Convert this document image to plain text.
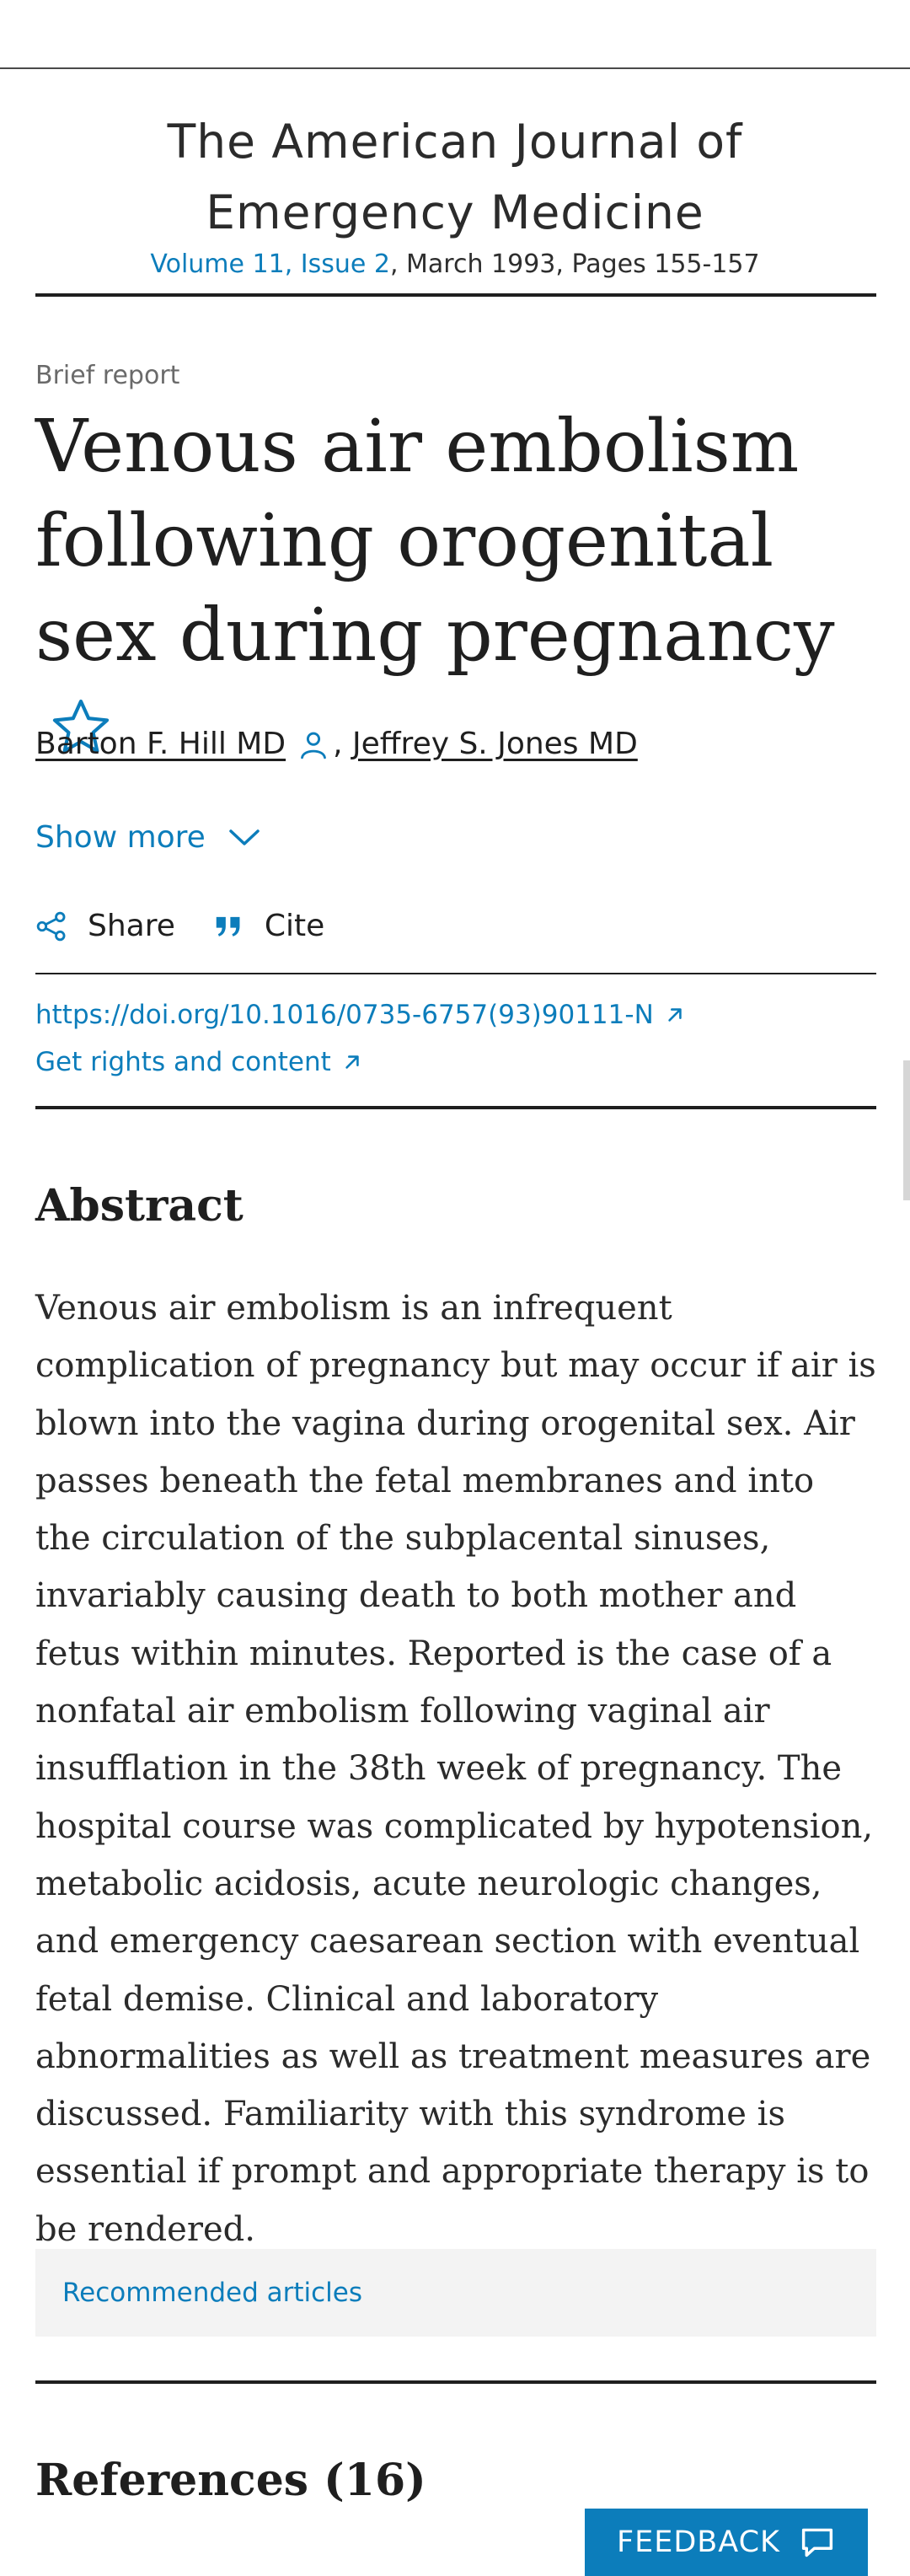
The American Journal of Emergency Medicine
Volume 11, Issue 2, March 1993, Pages 155-157
Brief report
Venous air embolism following orogenital sex during pregnancy
Barton F. Hill MD , Jeffrey S. Jones MD
Show more
Share	Cite
https://doi.org/10.1016/0735-6757(93)90111-N
Get rights and content
Abstract

Venous air embolism is an infrequent complication of pregnancy but may occur if air is blown into the vagina during orogenital sex. Air passes beneath the fetal membranes and into the circulation of the subplacental sinuses, invariably causing death to both mother and fetus within minutes. Reported is the case of a nonfatal air embolism following vaginal air insufflation in the 38th week of pregnancy. The hospital course was complicated by hypotension, metabolic acidosis, acute neurologic changes, and emergency caesarean section with eventual fetal demise. Clinical and laboratory abnormalities as well as treatment measures are discussed. Familiarity with this syndrome is essential if prompt and appropriate therapy is to be rendered.

Recommended articles
References (16)
FEEDBACK
